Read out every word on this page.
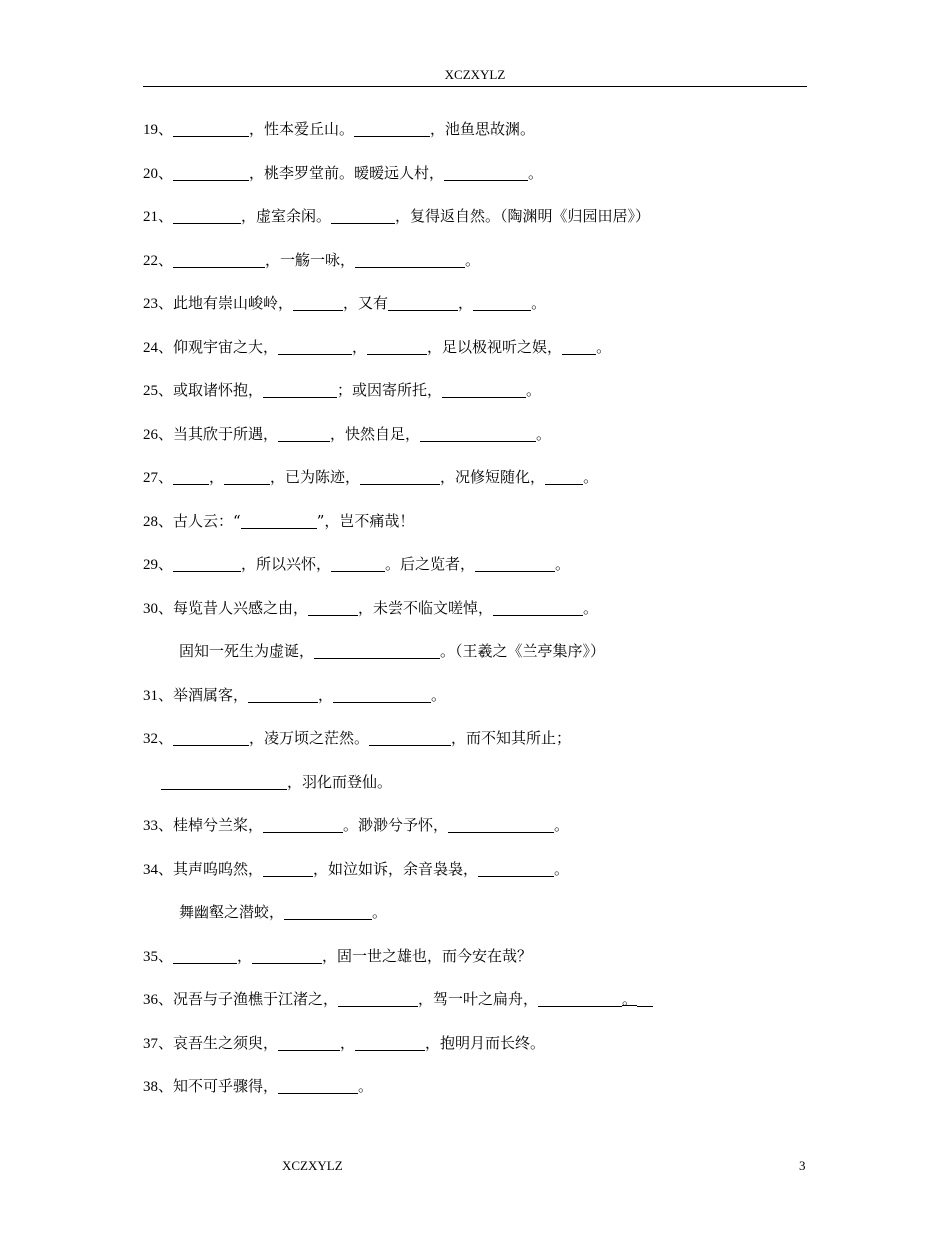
XCZXYLZ
19、	，性本爱丘山。	，池鱼思故渊。
20、	，桃李罗堂前。暧暧远人村，	。
21、	，虚室余闲。	，复得返自然。（陶渊明《归园田居》）
22、	，一觞一咏，	。
23、此地有崇山峻岭，	，又有	，	。
24、仰观宇宙之大，	，	，足以极视听之娱， 。
25、或取诸怀抱，	；或因寄所托，	。
26、当其欣于所遇，	，快然自足，	。
27、 ，	，已为陈迹，	，况修短随化，	。
28、古人云：“	”，岂不痛哉！
29、	，所以兴怀，	。后之览者，	。
30、每览昔人兴感之由，	，未尝不临文嗟悼，	。
固知一死生为虚诞，	。（王羲之《兰亭集序》）
31、举酒属客，	，	。
32、	，凌万顷之茫然。	，而不知其所止；
，羽化而登仙。
33、桂棹兮兰桨，	。渺渺兮予怀，	。
34、其声呜呜然，	，如泣如诉，余音袅袅，	。
舞幽壑之潜蛟，	。
35、	，	，固一世之雄也，而今安在哉？
36、况吾与子渔樵于江渚之，	，驾一叶之扁舟，	。
37、哀吾生之须臾，	，	，抱明月而长终。
38、知不可乎骤得，	。
XCZXYLZ	3
